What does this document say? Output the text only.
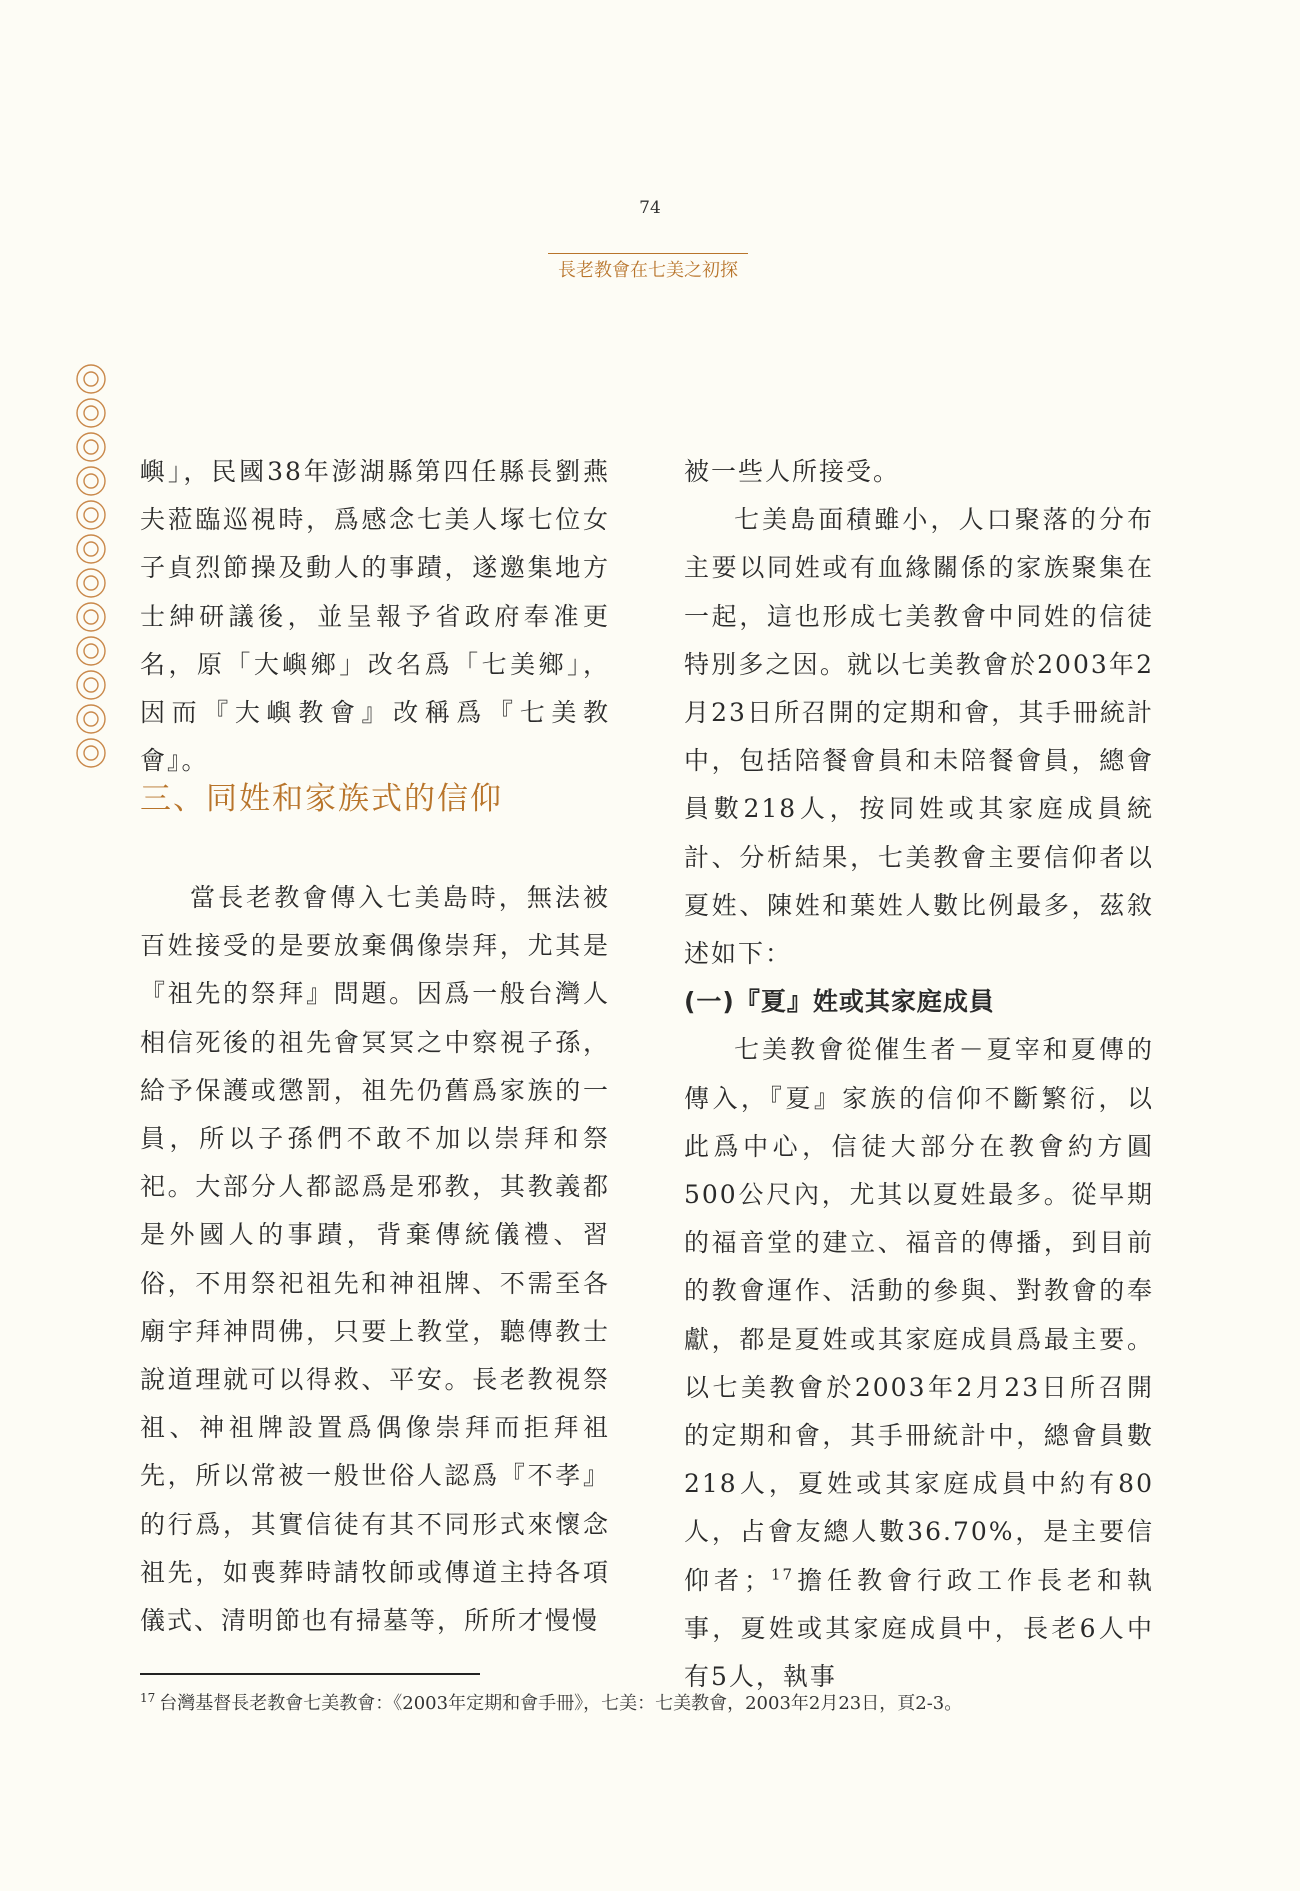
74
長老教會在七美之初探

嶼」，民國38年澎湖縣第四任縣長劉燕夫蒞臨巡視時，爲感念七美人塚七位女子貞烈節操及動人的事蹟，遂邀集地方士紳研議後，並呈報予省政府奉准更名，原「大嶼鄉」改名爲「七美鄉」，因而『大嶼教會』改稱爲『七美教會』。

三、同姓和家族式的信仰

當長老教會傳入七美島時，無法被百姓接受的是要放棄偶像崇拜，尤其是『祖先的祭拜』問題。因爲一般台灣人相信死後的祖先會冥冥之中察視子孫，給予保護或懲罰，祖先仍舊爲家族的一員，所以子孫們不敢不加以崇拜和祭祀。大部分人都認爲是邪教，其教義都是外國人的事蹟，背棄傳統儀禮、習俗，不用祭祀祖先和神祖牌、不需至各廟宇拜神問佛，只要上教堂，聽傳教士說道理就可以得救、平安。長老教視祭祖、神祖牌設置爲偶像崇拜而拒拜祖先，所以常被一般世俗人認爲『不孝』的行爲，其實信徒有其不同形式來懷念祖先，如喪葬時請牧師或傳道主持各項儀式、清明節也有掃墓等，所所才慢慢

被一些人所接受。

七美島面積雖小，人口聚落的分布主要以同姓或有血緣關係的家族聚集在一起，這也形成七美教會中同姓的信徒特別多之因。就以七美教會於2003年2月23日所召開的定期和會，其手冊統計中，包括陪餐會員和未陪餐會員，總會員數218人，按同姓或其家庭成員統計、分析結果，七美教會主要信仰者以夏姓、陳姓和葉姓人數比例最多，茲敘述如下：

(一)『夏』姓或其家庭成員

七美教會從催生者－夏宰和夏傳的傳入，『夏』家族的信仰不斷繁衍，以此爲中心，信徒大部分在教會約方圓500公尺內，尤其以夏姓最多。從早期的福音堂的建立、福音的傳播，到目前的教會運作、活動的參與、對教會的奉獻，都是夏姓或其家庭成員爲最主要。以七美教會於2003年2月23日所召開的定期和會，其手冊統計中，總會員數218人，夏姓或其家庭成員中約有80人，占會友總人數36.70%，是主要信仰者；$^{17}$擔任教會行政工作長老和執事，夏姓或其家庭成員中，長老6人中有5人，執事

$^{17}$ 台灣基督長老教會七美教會：《2003年定期和會手冊》，七美：七美教會，2003年2月23日，頁2-3。
